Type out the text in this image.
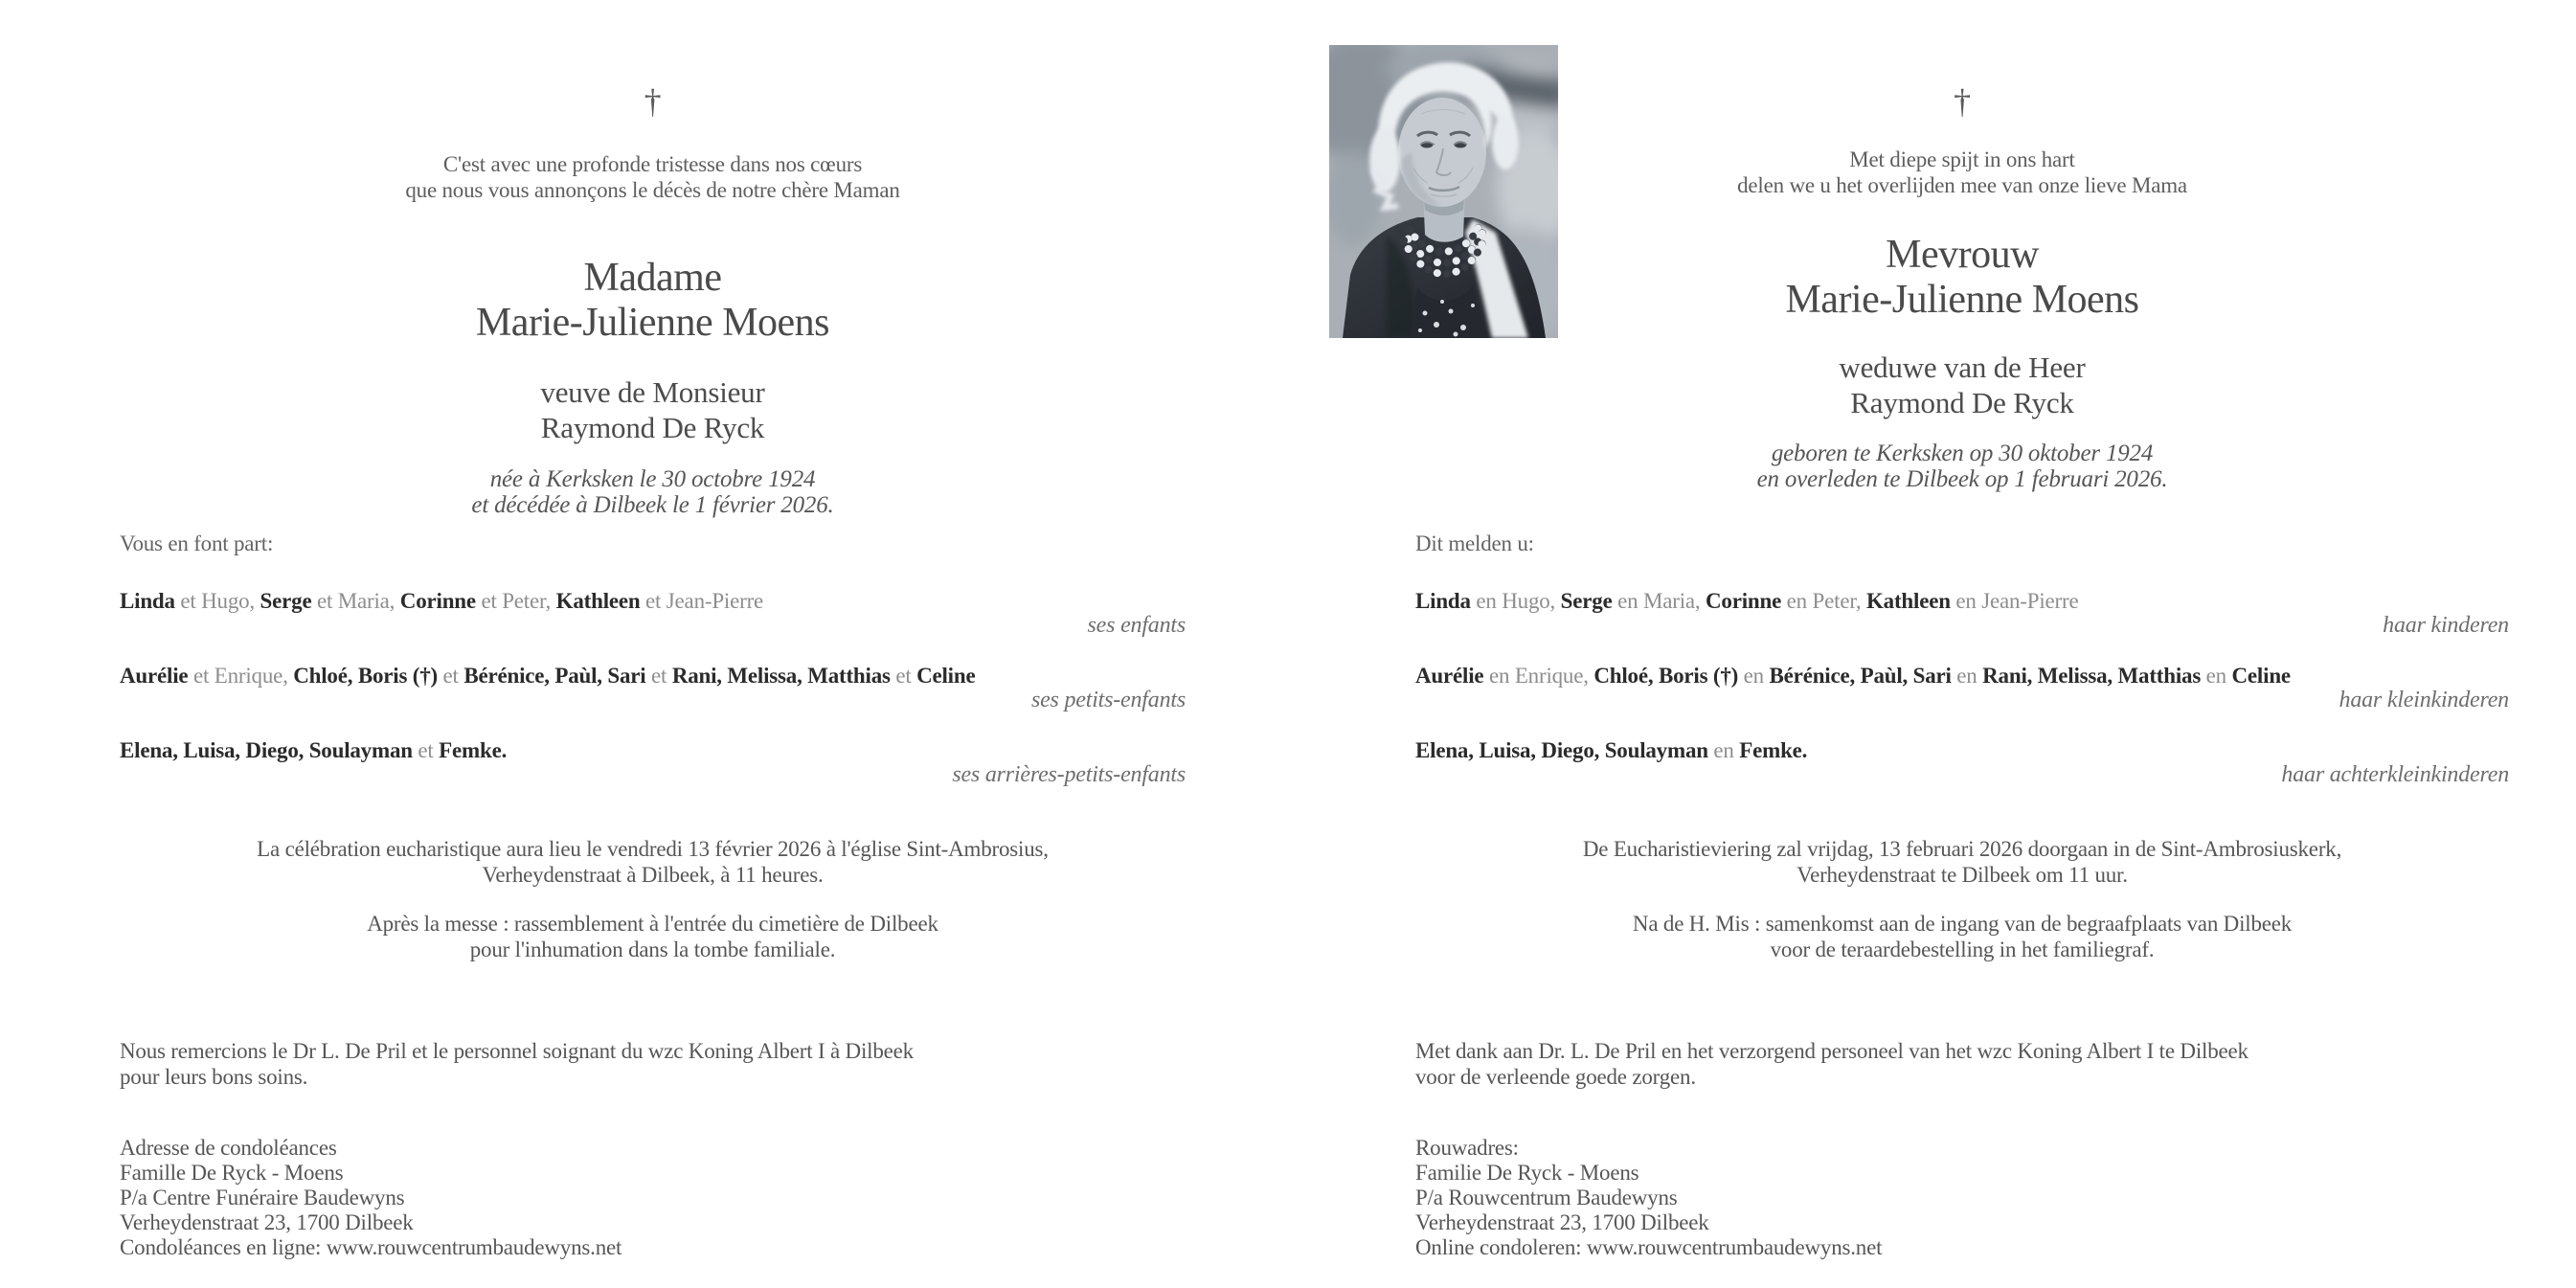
†
C'est avec une profonde tristesse dans nos cœurs
que nous vous annonçons le décès de notre chère Maman
Madame
Marie-Julienne Moens
veuve de Monsieur
Raymond De Ryck
née à Kerksken le 30 octobre 1924
et décédée à Dilbeek le 1 février 2026.
Vous en font part:
Linda et Hugo, Serge et Maria, Corinne et Peter, Kathleen et Jean-Pierre
ses enfants
Aurélie et Enrique, Chloé, Boris (†) et Bérénice, Paùl, Sari et Rani, Melissa, Matthias et Celine
ses petits-enfants
Elena, Luisa, Diego, Soulayman et Femke.
ses arrières-petits-enfants
La célébration eucharistique aura lieu le vendredi 13 février 2026 à l'église Sint-Ambrosius,
Verheydenstraat à Dilbeek, à 11 heures.
Après la messe : rassemblement à l'entrée du cimetière de Dilbeek
pour l'inhumation dans la tombe familiale.
Nous remercions le Dr L. De Pril et le personnel soignant du wzc Koning Albert I à Dilbeek
pour leurs bons soins.
Adresse de condoléances
Famille De Ryck - Moens
P/a Centre Funéraire Baudewyns
Verheydenstraat 23, 1700 Dilbeek
Condoléances en ligne: www.rouwcentrumbaudewyns.net
†
Met diepe spijt in ons hart
delen we u het overlijden mee van onze lieve Mama
Mevrouw
Marie-Julienne Moens
weduwe van de Heer
Raymond De Ryck
geboren te Kerksken op 30 oktober 1924
en overleden te Dilbeek op 1 februari 2026.
Dit melden u:
Linda en Hugo, Serge en Maria, Corinne en Peter, Kathleen en Jean-Pierre
haar kinderen
Aurélie en Enrique, Chloé, Boris (†) en Bérénice, Paùl, Sari en Rani, Melissa, Matthias en Celine
haar kleinkinderen
Elena, Luisa, Diego, Soulayman en Femke.
haar achterkleinkinderen
De Eucharistieviering zal vrijdag, 13 februari 2026 doorgaan in de Sint-Ambrosiuskerk,
Verheydenstraat te Dilbeek om 11 uur.
Na de H. Mis : samenkomst aan de ingang van de begraafplaats van Dilbeek
voor de teraardebestelling in het familiegraf.
Met dank aan Dr. L. De Pril en het verzorgend personeel van het wzc Koning Albert I te Dilbeek
voor de verleende goede zorgen.
Rouwadres:
Familie De Ryck - Moens
P/a Rouwcentrum Baudewyns
Verheydenstraat 23, 1700 Dilbeek
Online condoleren: www.rouwcentrumbaudewyns.net
